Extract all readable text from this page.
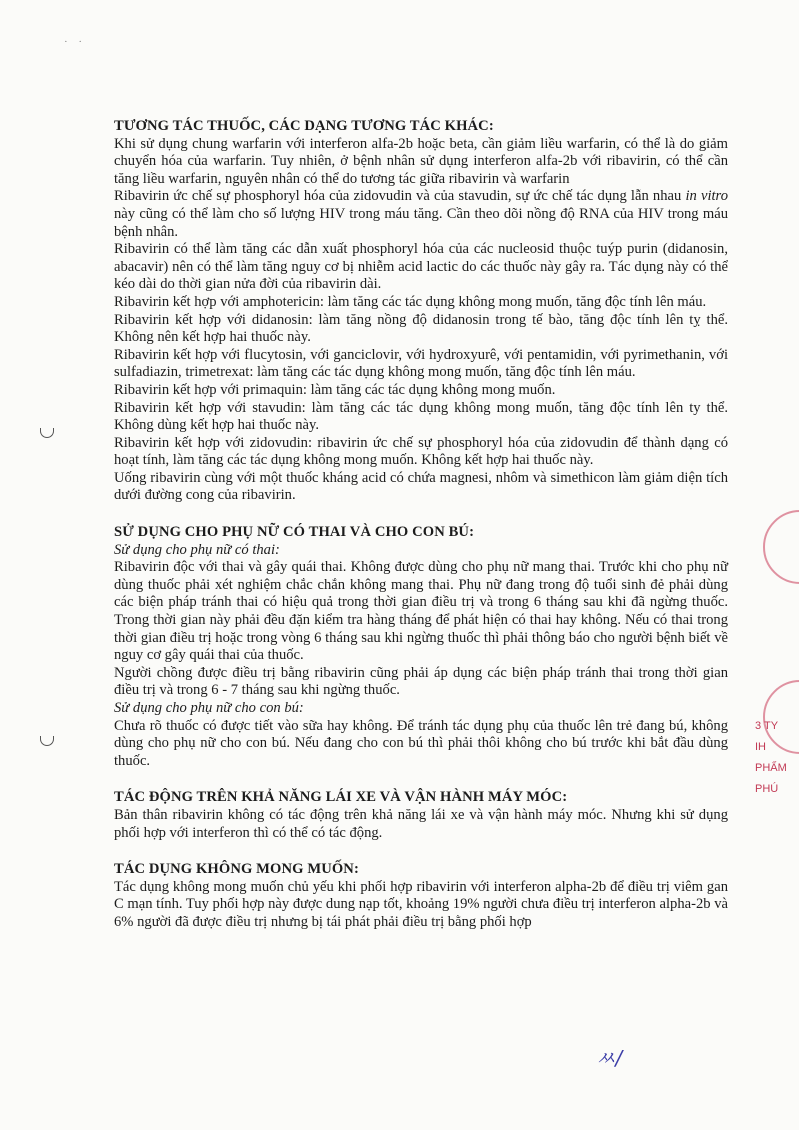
· ·
3 TY
IH
PHẨM
PHÚ

TƯƠNG TÁC THUỐC, CÁC DẠNG TƯƠNG TÁC KHÁC:

Khi sử dụng chung warfarin với interferon alfa-2b hoặc beta, cần giảm liều warfarin, có thể là do giảm chuyển hóa của warfarin. Tuy nhiên, ở bệnh nhân sử dụng interferon alfa-2b với ribavirin, có thể cần tăng liều warfarin, nguyên nhân có thể do tương tác giữa ribavirin và warfarin

Ribavirin ức chế sự phosphoryl hóa của zidovudin và của stavudin, sự ức chế tác dụng lẫn nhau in vitro này cũng có thể làm cho số lượng HIV trong máu tăng. Cần theo dõi nồng độ RNA của HIV trong máu bệnh nhân.

Ribavirin có thể làm tăng các dẫn xuất phosphoryl hóa của các nucleosid thuộc tuýp purin (didanosin, abacavir) nên có thể làm tăng nguy cơ bị nhiễm acid lactic do các thuốc này gây ra. Tác dụng này có thể kéo dài do thời gian nửa đời của ribavirin dài.

Ribavirin kết hợp với amphotericin: làm tăng các tác dụng không mong muốn, tăng độc tính lên máu.

Ribavirin kết hợp với didanosin: làm tăng nồng độ didanosin trong tế bào, tăng độc tính lên tỵ thể. Không nên kết hợp hai thuốc này.

Ribavirin kết hợp với flucytosin, với ganciclovir, với hydroxyurê, với pentamidin, với pyrimethanin, với sulfadiazin, trimetrexat: làm tăng các tác dụng không mong muốn, tăng độc tính lên máu.

Ribavirin kết hợp với primaquin: làm tăng các tác dụng không mong muốn.

Ribavirin kết hợp với stavudin: làm tăng các tác dụng không mong muốn, tăng độc tính lên ty thể. Không dùng kết hợp hai thuốc này.

Ribavirin kết hợp với zidovudin: ribavirin ức chế sự phosphoryl hóa của zidovudin để thành dạng có hoạt tính, làm tăng các tác dụng không mong muốn. Không kết hợp hai thuốc này.

Uống ribavirin cùng với một thuốc kháng acid có chứa magnesi, nhôm và simethicon làm giảm diện tích dưới đường cong của ribavirin.

SỬ DỤNG CHO PHỤ NỮ CÓ THAI VÀ CHO CON BÚ:

Sử dụng cho phụ nữ có thai:

Ribavirin độc với thai và gây quái thai. Không được dùng cho phụ nữ mang thai. Trước khi cho phụ nữ dùng thuốc phải xét nghiệm chắc chắn không mang thai. Phụ nữ đang trong độ tuổi sinh đẻ phải dùng các biện pháp tránh thai có hiệu quả trong thời gian điều trị và trong 6 tháng sau khi đã ngừng thuốc. Trong thời gian này phải đều đặn kiểm tra hàng tháng để phát hiện có thai hay không. Nếu có thai trong thời gian điều trị hoặc trong vòng 6 tháng sau khi ngừng thuốc thì phải thông báo cho người bệnh biết về nguy cơ gây quái thai của thuốc.

Người chồng được điều trị bằng ribavirin cũng phải áp dụng các biện pháp tránh thai trong thời gian điều trị và trong 6 - 7 tháng sau khi ngừng thuốc.

Sử dụng cho phụ nữ cho con bú:

Chưa rõ thuốc có được tiết vào sữa hay không. Để tránh tác dụng phụ của thuốc lên trẻ đang bú, không dùng cho phụ nữ cho con bú. Nếu đang cho con bú thì phải thôi không cho bú trước khi bắt đầu dùng thuốc.

TÁC ĐỘNG TRÊN KHẢ NĂNG LÁI XE VÀ VẬN HÀNH MÁY MÓC:

Bản thân ribavirin không có tác động trên khả năng lái xe và vận hành máy móc. Nhưng khi sử dụng phối hợp với interferon thì có thể có tác động.

TÁC DỤNG KHÔNG MONG MUỐN:

Tác dụng không mong muốn chủ yếu khi phối hợp ribavirin với interferon alpha-2b để điều trị viêm gan C mạn tính. Tuy phối hợp này được dung nạp tốt, khoảng 19% người chưa điều trị interferon alpha-2b và 6% người đã được điều trị nhưng bị tái phát phải điều trị bằng phối hợp

ㅆ/
